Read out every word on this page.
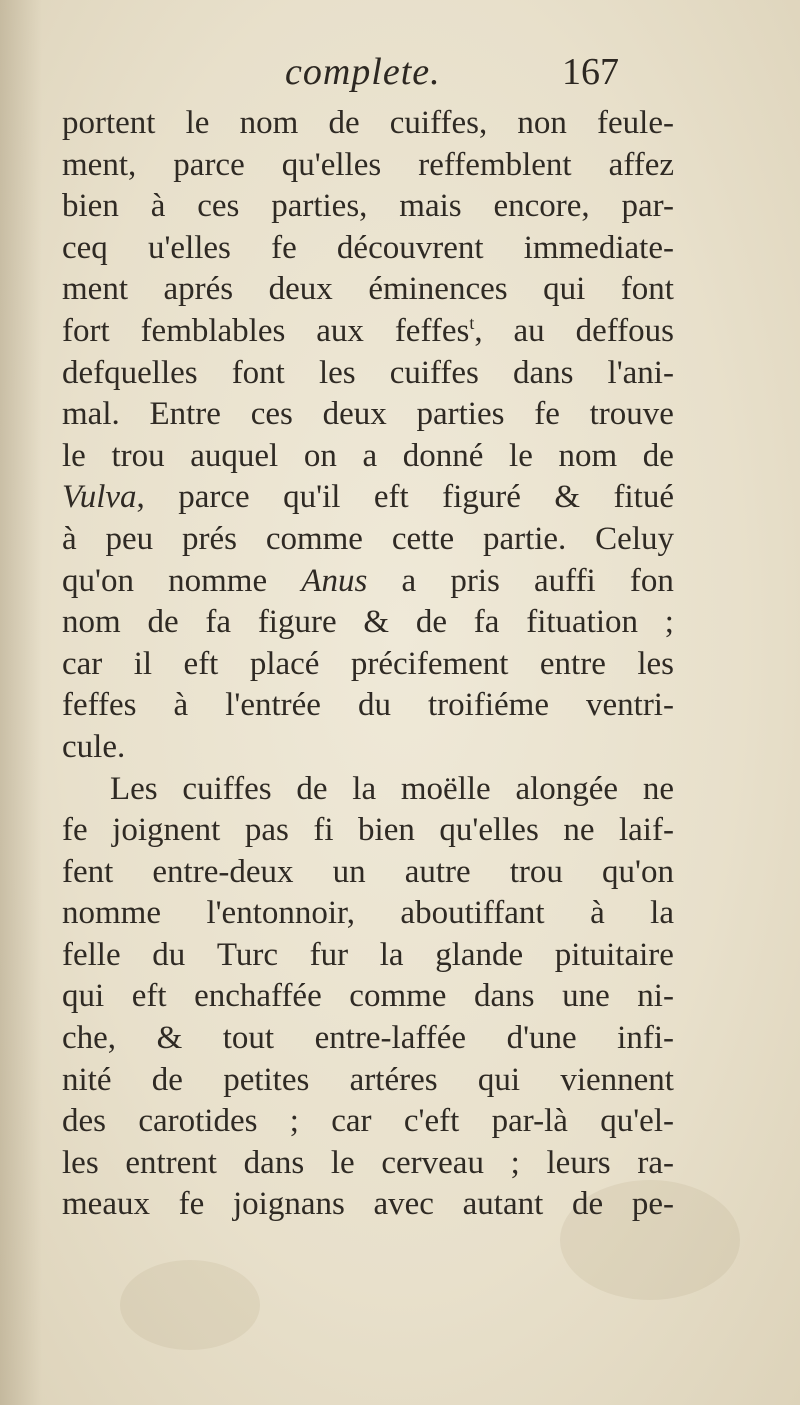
complete.	167
portent le nom de cuiffes, non feule-
ment, parce qu'elles reffemblent affez
bien à ces parties, mais encore, par-
ceq u'elles fe découvrent immediate-
ment aprés deux éminences qui font
fort femblables aux feffes$^t$, au deffous
defquelles font les cuiffes dans l'ani-
mal. Entre ces deux parties fe trouve
le trou auquel on a donné le nom de
Vulva, parce qu'il eft figuré & fitué
à peu prés comme cette partie. Celuy
qu'on nomme Anus a pris auffi fon
nom de fa figure & de fa fituation ;
car il eft placé précifement entre les
feffes à l'entrée du troifiéme ventri-
cule.

Les cuiffes de la moëlle alongée ne
fe joignent pas fi bien qu'elles ne laif-
fent entre-deux un autre trou qu'on
nomme l'entonnoir, aboutiffant à la
felle du Turc fur la glande pituitaire
qui eft enchaffée comme dans une ni-
che, & tout entre-laffée d'une infi-
nité de petites artéres qui viennent
des carotides ; car c'eft par-là qu'el-
les entrent dans le cerveau ; leurs ra-
meaux fe joignans avec autant de pe-
